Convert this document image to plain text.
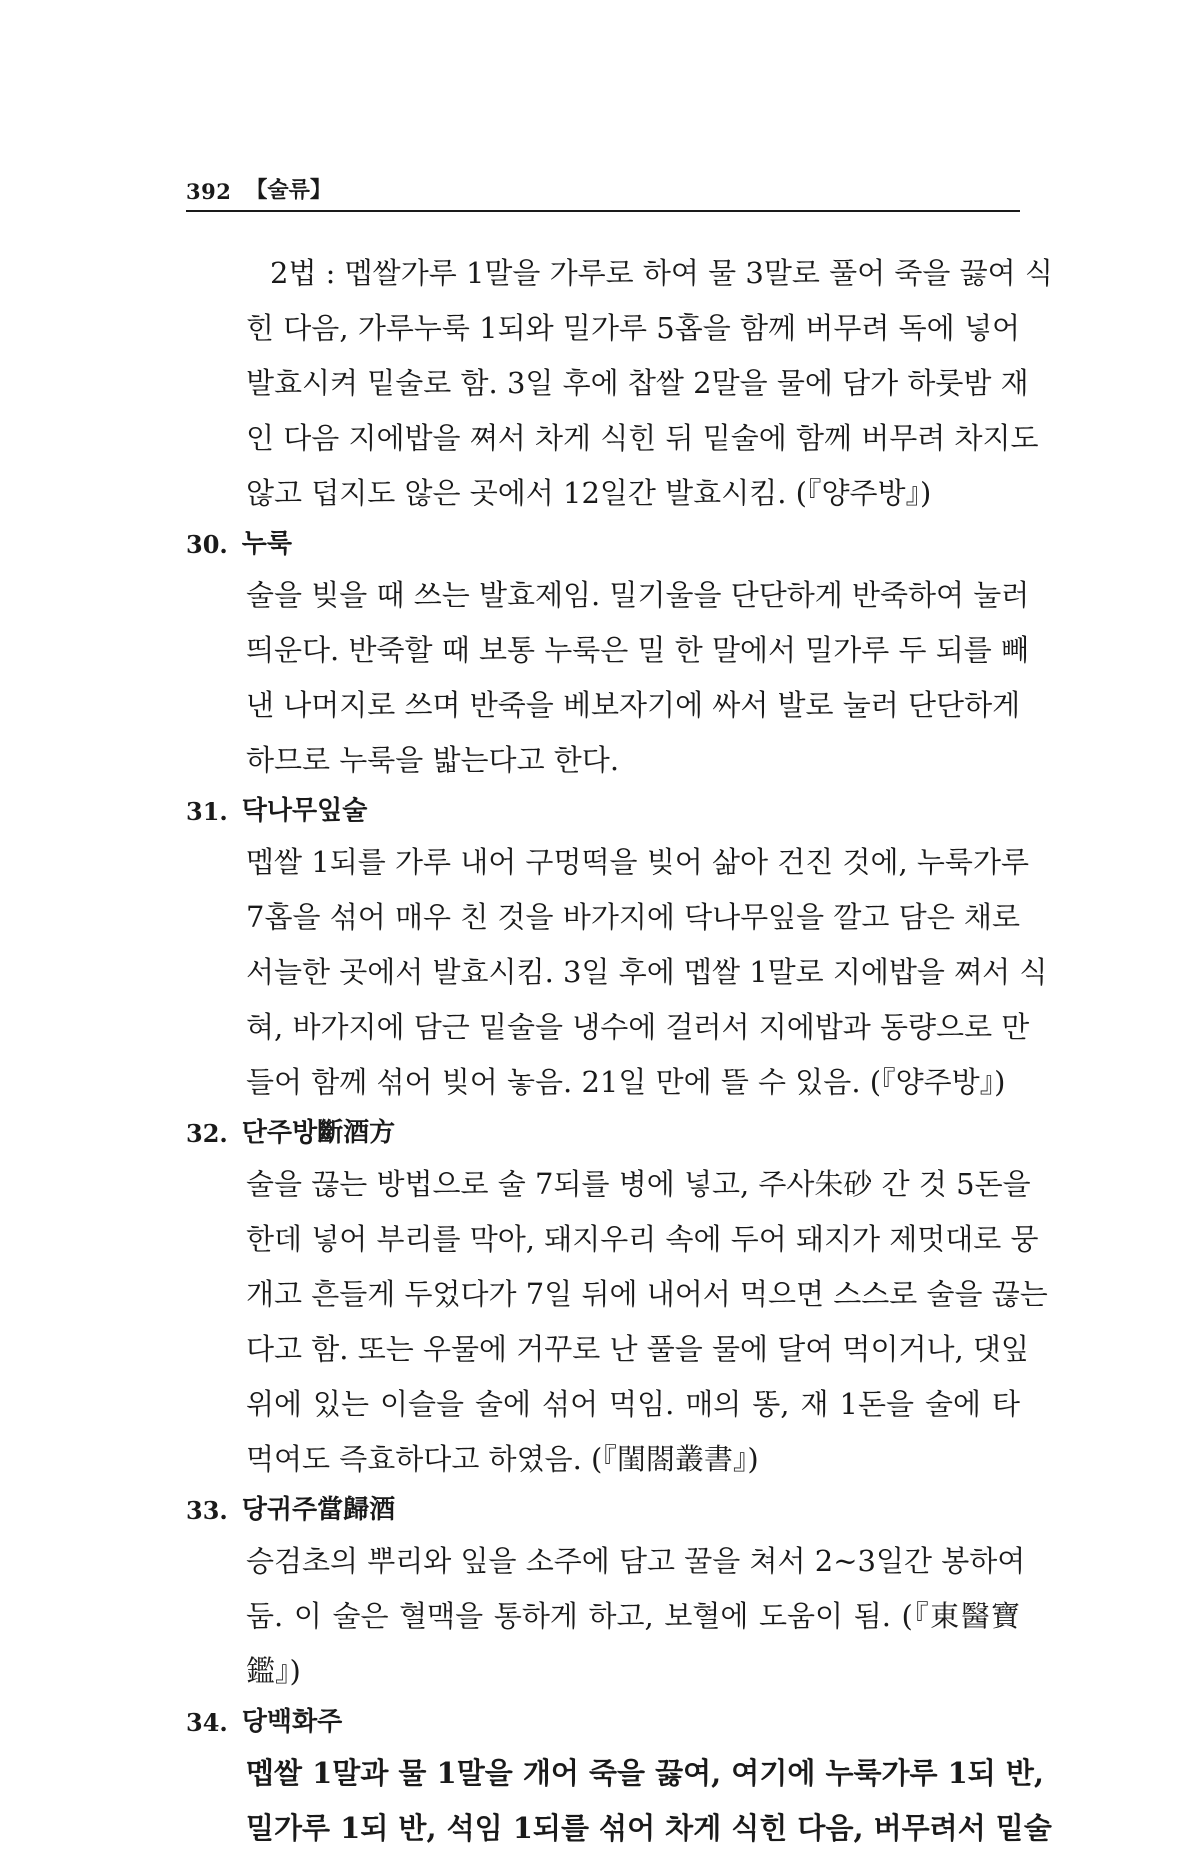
392 【술류】

2법 : 멥쌀가루 1말을 가루로 하여 물 3말로 풀어 죽을 끓여 식
힌 다음, 가루누룩 1되와 밀가루 5홉을 함께 버무려 독에 넣어
발효시켜 밑술로 함. 3일 후에 찹쌀 2말을 물에 담가 하룻밤 재
인 다음 지에밥을 쪄서 차게 식힌 뒤 밑술에 함께 버무려 차지도
않고 덥지도 않은 곳에서 12일간 발효시킴. (『양주방』)

30. 누룩

술을 빚을 때 쓰는 발효제임. 밀기울을 단단하게 반죽하여 눌러
띄운다. 반죽할 때 보통 누룩은 밀 한 말에서 밀가루 두 되를 빼
낸 나머지로 쓰며 반죽을 베보자기에 싸서 발로 눌러 단단하게
하므로 누룩을 밟는다고 한다.

31. 닥나무잎술

멥쌀 1되를 가루 내어 구멍떡을 빚어 삶아 건진 것에, 누룩가루
7홉을 섞어 매우 친 것을 바가지에 닥나무잎을 깔고 담은 채로
서늘한 곳에서 발효시킴. 3일 후에 멥쌀 1말로 지에밥을 쪄서 식
혀, 바가지에 담근 밑술을 냉수에 걸러서 지에밥과 동량으로 만
들어 함께 섞어 빚어 놓음. 21일 만에 뜰 수 있음. (『양주방』)

32. 단주방斷酒方

술을 끊는 방법으로 술 7되를 병에 넣고, 주사朱砂 간 것 5돈을
한데 넣어 부리를 막아, 돼지우리 속에 두어 돼지가 제멋대로 뭉
개고 흔들게 두었다가 7일 뒤에 내어서 먹으면 스스로 술을 끊는
다고 함. 또는 우물에 거꾸로 난 풀을 물에 달여 먹이거나, 댓잎
위에 있는 이슬을 술에 섞어 먹임. 매의 똥, 재 1돈을 술에 타
먹여도 즉효하다고 하였음. (『閨閤叢書』)

33. 당귀주當歸酒

승검초의 뿌리와 잎을 소주에 담고 꿀을 쳐서 2~3일간 봉하여
둠. 이 술은 혈맥을 통하게 하고, 보혈에 도움이 됨. (『東醫寶
鑑』)

34. 당백화주

멥쌀 1말과 물 1말을 개어 죽을 끓여, 여기에 누룩가루 1되 반,
밀가루 1되 반, 석임 1되를 섞어 차게 식힌 다음, 버무려서 밑술
